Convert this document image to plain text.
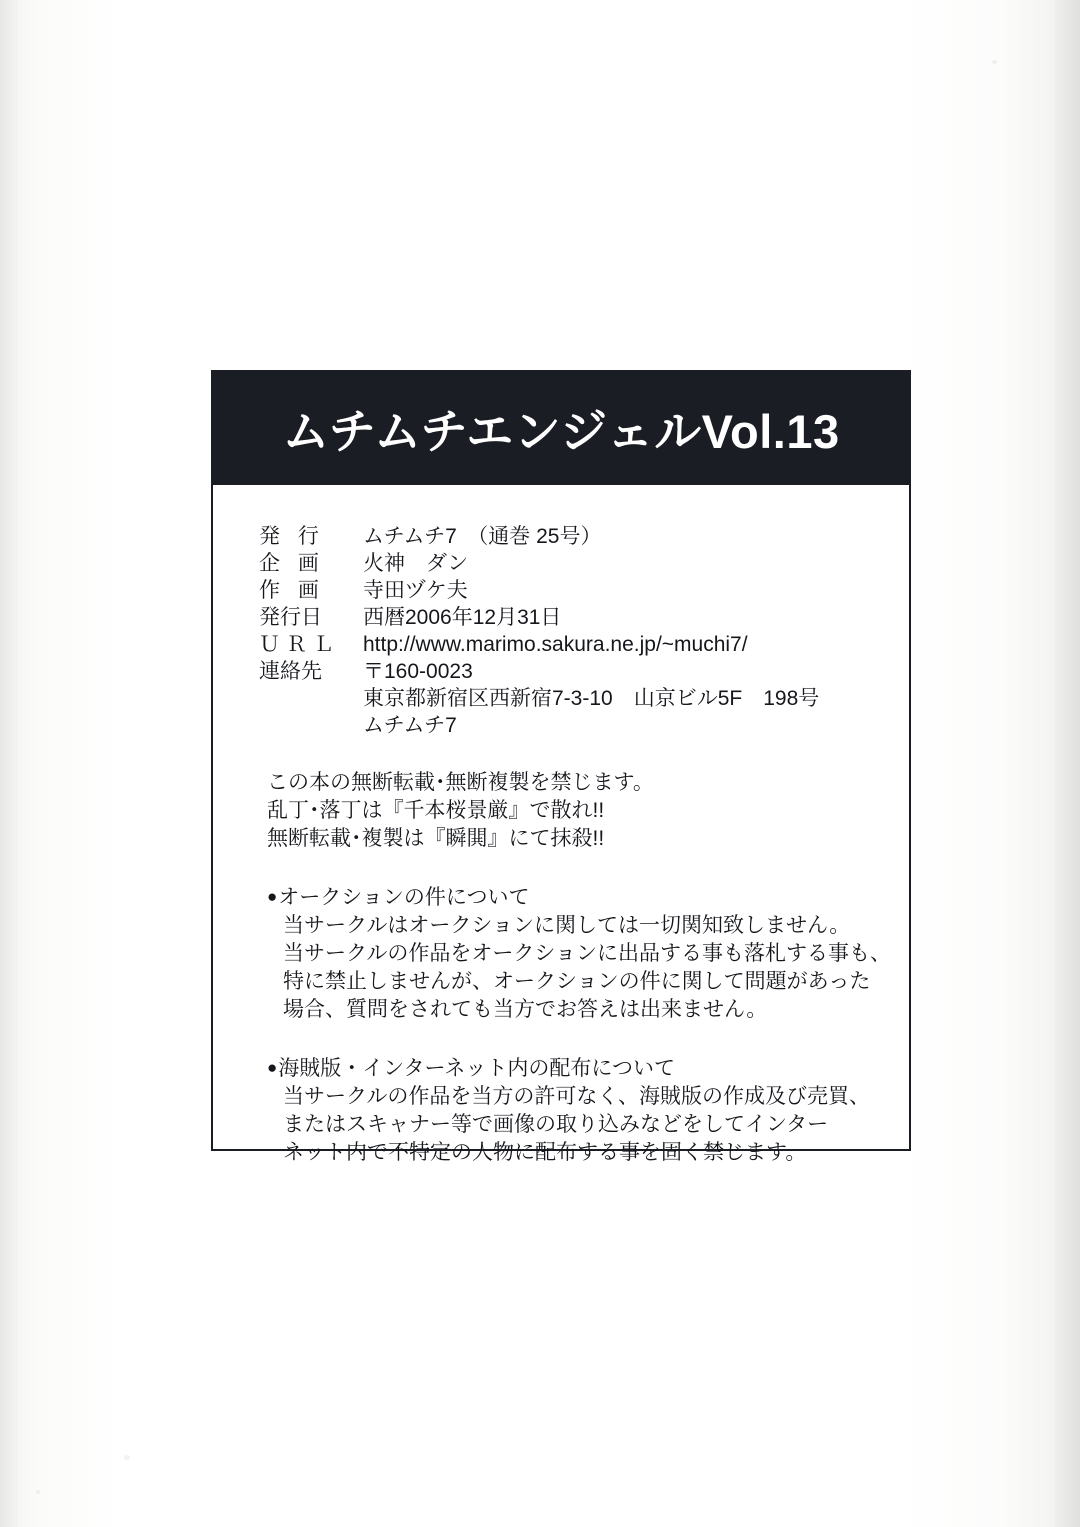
ムチムチエンジェルVol.13
発 行	ムチムチ7　（通巻 25号）
企 画	火神　ダン
作 画	寺田ヅケ夫
発行日	西暦2006年12月31日
ＵＲＬ	http://www.marimo.sakura.ne.jp/~muchi7/
連絡先	〒160-0023
東京都新宿区西新宿7-3-10　山京ビル5F　198号
ムチムチ7
この本の無断転載･無断複製を禁じます。
乱丁･落丁は『千本桜景厳』で散れ!!
無断転載･複製は『瞬閧』にて抹殺!!
●オークションの件について
当サークルはオークションに関しては一切関知致しません。
当サークルの作品をオークションに出品する事も落札する事も、
特に禁止しませんが、オークションの件に関して問題があった
場合、質問をされても当方でお答えは出来ません。
●海賊版・インターネット内の配布について
当サークルの作品を当方の許可なく、海賊版の作成及び売買、
またはスキャナー等で画像の取り込みなどをしてインター
ネット内で不特定の人物に配布する事を固く禁じます。
